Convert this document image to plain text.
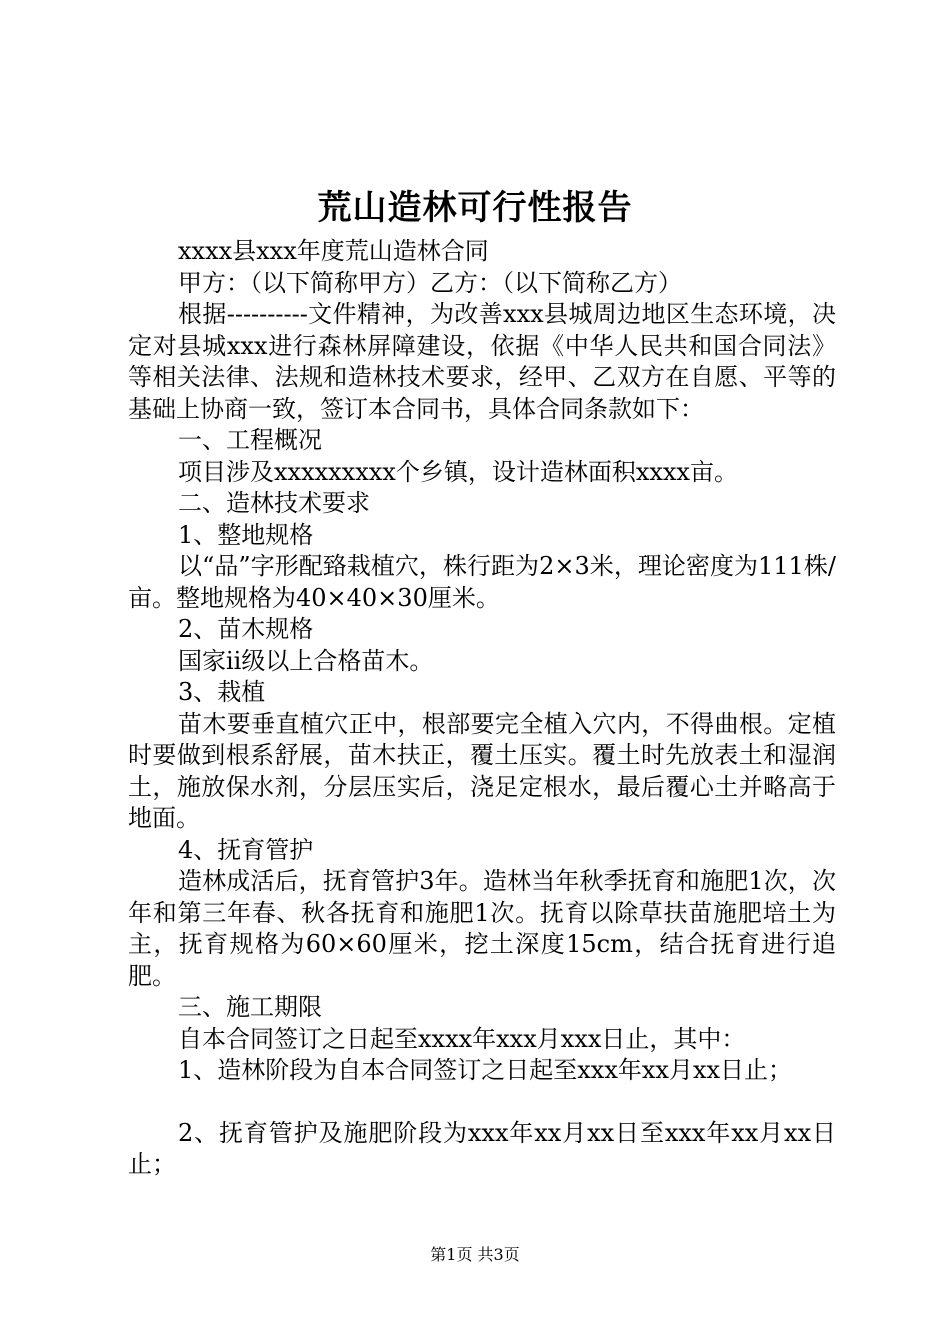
荒山造林可行性报告

xxxx县xxx年度荒山造林合同

甲方：（以下简称甲方）乙方：（以下简称乙方）

根据----------文件精神，为改善xxx县城周边地区生态环境，决定对县城xxx进行森林屏障建设，依据《中华人民共和国合同法》等相关法律、法规和造林技术要求，经甲、乙双方在自愿、平等的基础上协商一致，签订本合同书，具体合同条款如下：

一、工程概况

项目涉及xxxxxxxxx个乡镇，设计造林面积xxxx亩。

二、造林技术要求

1、整地规格

以“品”字形配臵栽植穴，株行距为2×3米，理论密度为111株/亩。整地规格为40×40×30厘米。

2、苗木规格

国家ii级以上合格苗木。

3、栽植

苗木要垂直植穴正中，根部要完全植入穴内，不得曲根。定植时要做到根系舒展，苗木扶正，覆土压实。覆土时先放表土和湿润土，施放保水剂，分层压实后，浇足定根水，最后覆心土并略高于地面。

4、抚育管护

造林成活后，抚育管护3年。造林当年秋季抚育和施肥1次，次年和第三年春、秋各抚育和施肥1次。抚育以除草扶苗施肥培土为主，抚育规格为60×60厘米，挖土深度15cm，结合抚育进行追肥。

三、施工期限

自本合同签订之日起至xxxx年xxx月xxx日止，其中：

1、造林阶段为自本合同签订之日起至xxx年xx月xx日止；

2、抚育管护及施肥阶段为xxx年xx月xx日至xxx年xx月xx日止；

第1页 共3页
